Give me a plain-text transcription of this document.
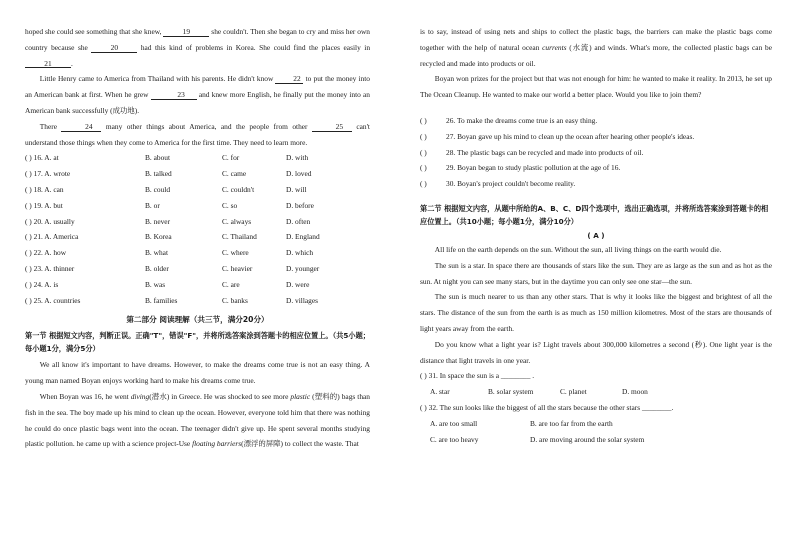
hoped she could see something that she knew,	19	she couldn't. Then she began to cry and miss her own country because she	20	had this kind of problems in Korea. She could find the places easily in 21	.

Little Henry came to America from Thailand with his parents. He didn't know 22 to put the money into an American bank at first. When he grew	23 and knew more English, he finally put the money into an American bank successfully (成功地).

There	24 many other things about America, and the people from other	25 can't understand those things when they come to America for the first time. They need to learn more.

( ) 16. A. at	B. about	C. for	D. with
( ) 17. A. wrote	B. talked	C. came	D. loved
( ) 18. A. can	B. could	C. couldn't	D. will
( ) 19. A. but	B. or	C. so	D. before
( ) 20. A. usually	B. never	C. always	D. often
( ) 21. A. America	B. Korea	C. Thailand	D. England
( ) 22. A. how	B. what	C. where	D. which
( ) 23. A. thinner	B. older	C. heavier	D. younger
( ) 24. A. is	B. was	C. are	D. were
( ) 25. A. countries	B. families	C. banks	D. villages
第二部分 阅读理解（共三节，满分20分）
第一节 根据短文内容，判断正误。正确"T"，错误"F"，并将所选答案涂到答题卡的相应位置上。（共5小题；每小题1分，满分5分）

We all know it's important to have dreams. However, to make the dreams come true is not an easy thing. A young man named Boyan enjoys working hard to make his dreams come true.

When Boyan was 16, he went diving(潜水) in Greece. He was shocked to see more plastic (塑料的) bags than fish in the sea. The boy made up his mind to clean up the ocean. However, everyone told him that there was nothing he could do once plastic bags went into the ocean. The teenager didn't give up. He spent several months studying plastic pollution. he came up with a science project-Use floating barriers(漂浮的屏障) to collect the waste. That

is to say, instead of using nets and ships to collect the plastic bags, the barriers can make the plastic bags come together with the help of natural ocean currents (水流) and winds. What's more, the collected plastic bags can be recycled and made into products or oil.

Boyan won prizes for the project but that was not enough for him: he wanted to make it reality. In 2013, he set up The Ocean Cleanup. He wanted to make our world a better place. Would you like to join them?

( )	26. To make the dreams come true is an easy thing.
( )	27. Boyan gave up his mind to clean up the ocean after hearing other people's ideas.
( )	28. The plastic bags can be recycled and made into products of oil.
( )	29. Boyan began to study plastic pollution at the age of 16.
( )	30. Boyan's project couldn't become reality.
第二节 根据短文内容，从题中所给的A、B、C、D四个选项中，选出正确选项，并将所选答案涂到答题卡的相应位置上。（共10小题；每小题1分，满分10分）
( A )

All life on the earth depends on the sun. Without the sun, all living things on the earth would die.

The sun is a star. In space there are thousands of stars like the sun. They are as large as the sun and as hot as the sun. At night you can see many stars, but in the daytime you can only see one star—the sun.

The sun is much nearer to us than any other stars. That is why it looks like the biggest and brightest of all the stars. The distance of the sun from the earth is as much as 150 million kilometres. Most of the stars are thousands of light years away from the earth.

Do you know what a light year is? Light travels about 300,000 kilometres a second (秒). One light year is the distance that light travels in one year.

( ) 31. In space the sun is a ________ .
A. star	B. solar system	C. planet	D. moon
( ) 32. The sun looks like the biggest of all the stars because the other stars ________.
A. are too small	B. are too far from the earth
C. are too heavy	D. are moving around the solar system
